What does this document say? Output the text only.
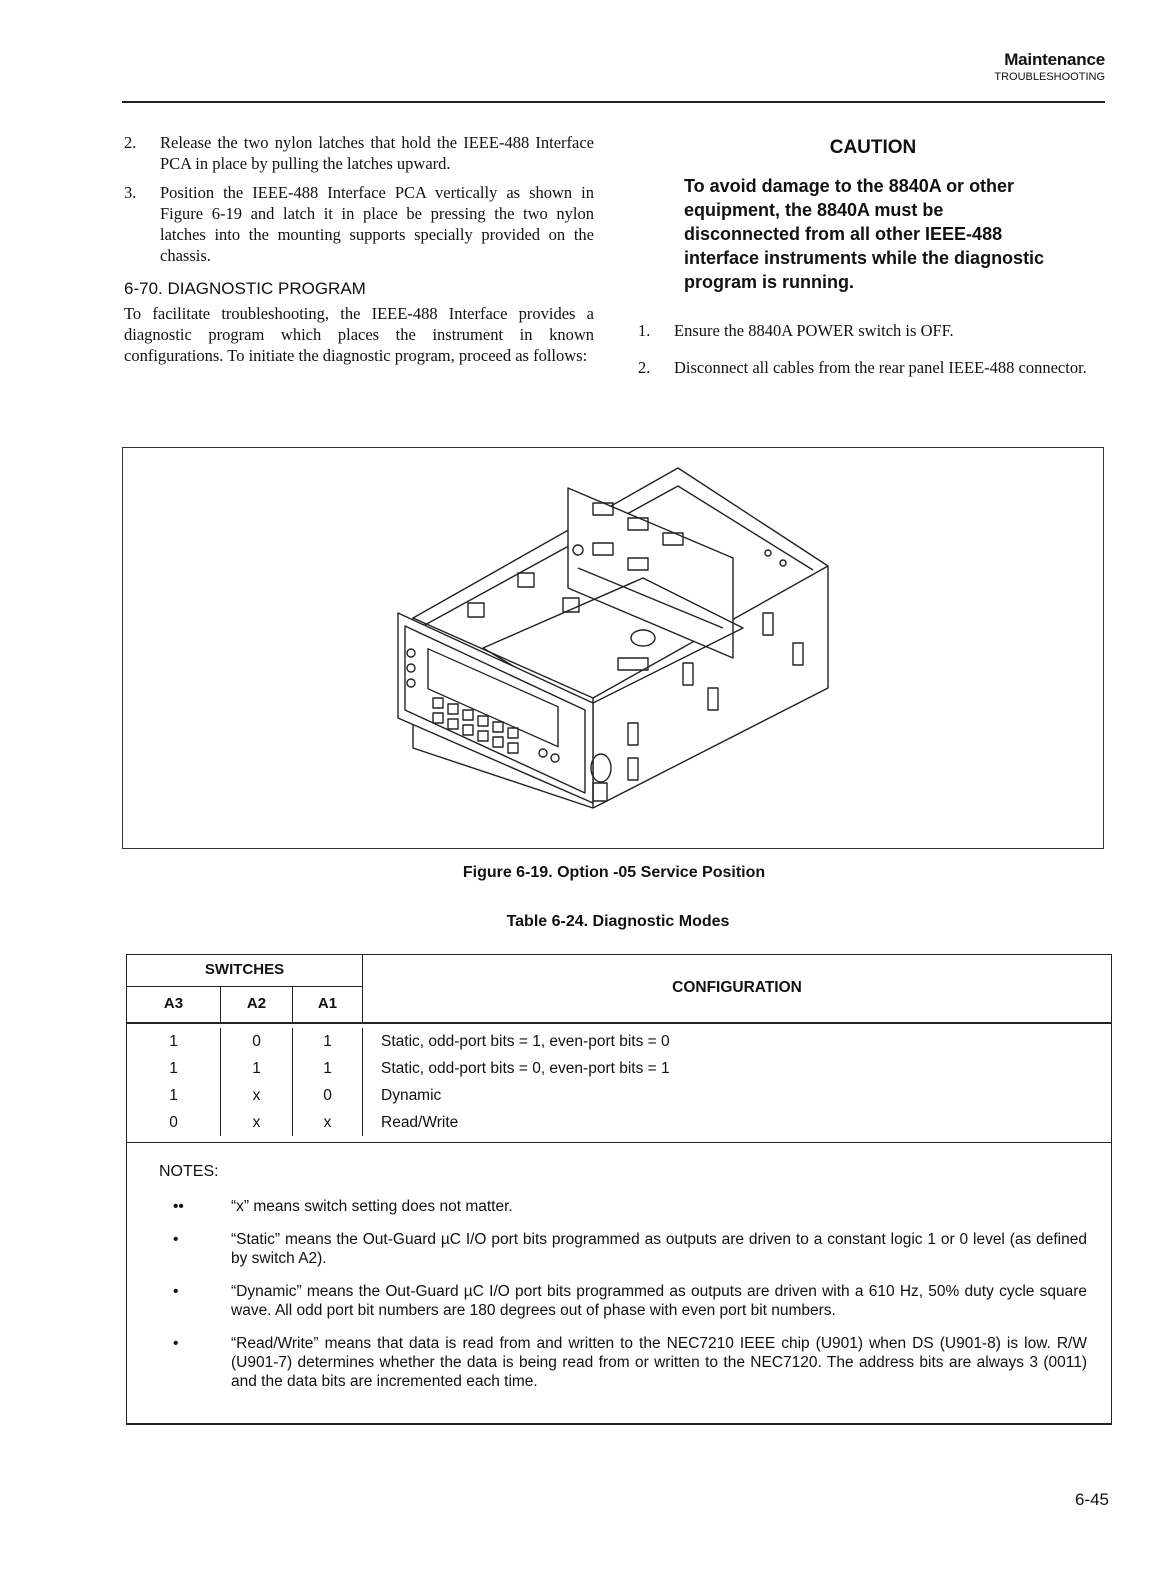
Maintenance
TROUBLESHOOTING
2.	Release the two nylon latches that hold the IEEE-488 Interface PCA in place by pulling the latches upward.
3.	Position the IEEE-488 Interface PCA vertically as shown in Figure 6-19 and latch it in place be pressing the two nylon latches into the mounting supports specially provided on the chassis.
6-70. DIAGNOSTIC PROGRAM
To facilitate troubleshooting, the IEEE-488 Interface provides a diagnostic program which places the instrument in known configurations. To initiate the diagnostic program, proceed as follows:
CAUTION
To avoid damage to the 8840A or other equipment, the 8840A must be disconnected from all other IEEE-488 interface instruments while the diagnostic program is running.
1.	Ensure the 8840A POWER switch is OFF.
2.	Disconnect all cables from the rear panel IEEE-488 connector.
Figure 6-19. Option -05 Service Position
Table 6-24. Diagnostic Modes
SWITCHES
A3	A2	A1
CONFIGURATION
1	0	1	Static, odd-port bits = 1, even-port bits = 0
1	1	1	Static, odd-port bits = 0, even-port bits = 1
1	x	0	Dynamic
0	x	x	Read/Write
NOTES:
••	“x” means switch setting does not matter.
•	“Static” means the Out-Guard µC I/O port bits programmed as outputs are driven to a constant logic 1 or 0 level (as defined by switch A2).
•	“Dynamic” means the Out-Guard µC I/O port bits programmed as outputs are driven with a 610 Hz, 50% duty cycle square wave. All odd port bit numbers are 180 degrees out of phase with even port bit numbers.
•	“Read/Write” means that data is read from and written to the NEC7210 IEEE chip (U901) when DS (U901-8) is low. R/W (U901-7) determines whether the data is being read from or written to the NEC7120. The address bits are always 3 (0011) and the data bits are incremented each time.
6-45
